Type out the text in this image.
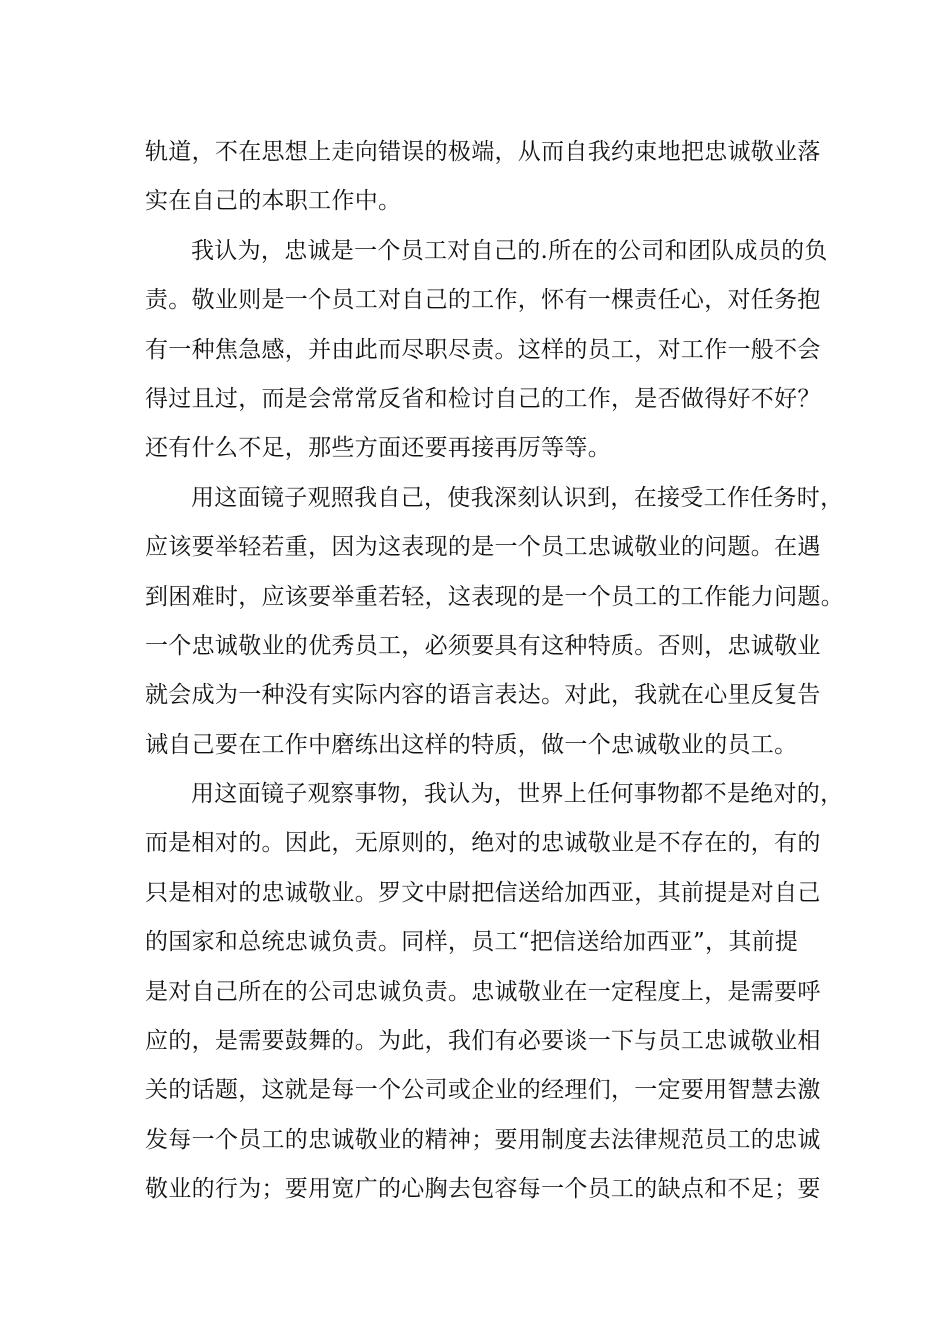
轨道，不在思想上走向错误的极端，从而自我约束地把忠诚敬业落
实在自己的本职工作中。
我认为，忠诚是一个员工对自己的.所在的公司和团队成员的负
责。敬业则是一个员工对自己的工作，怀有一棵责任心，对任务抱
有一种焦急感，并由此而尽职尽责。这样的员工，对工作一般不会
得过且过，而是会常常反省和检讨自己的工作，是否做得好不好？
还有什么不足，那些方面还要再接再厉等等。
用这面镜子观照我自己，使我深刻认识到，在接受工作任务时，
应该要举轻若重，因为这表现的是一个员工忠诚敬业的问题。在遇
到困难时，应该要举重若轻，这表现的是一个员工的工作能力问题。
一个忠诚敬业的优秀员工，必须要具有这种特质。否则，忠诚敬业
就会成为一种没有实际内容的语言表达。对此，我就在心里反复告
诫自己要在工作中磨练出这样的特质，做一个忠诚敬业的员工。
用这面镜子观察事物，我认为，世界上任何事物都不是绝对的，
而是相对的。因此，无原则的，绝对的忠诚敬业是不存在的，有的
只是相对的忠诚敬业。罗文中尉把信送给加西亚，其前提是对自己
的国家和总统忠诚负责。同样，员工“把信送给加西亚”，其前提
是对自己所在的公司忠诚负责。忠诚敬业在一定程度上，是需要呼
应的，是需要鼓舞的。为此，我们有必要谈一下与员工忠诚敬业相
关的话题，这就是每一个公司或企业的经理们，一定要用智慧去激
发每一个员工的忠诚敬业的精神；要用制度去法律规范员工的忠诚
敬业的行为；要用宽广的心胸去包容每一个员工的缺点和不足；要
